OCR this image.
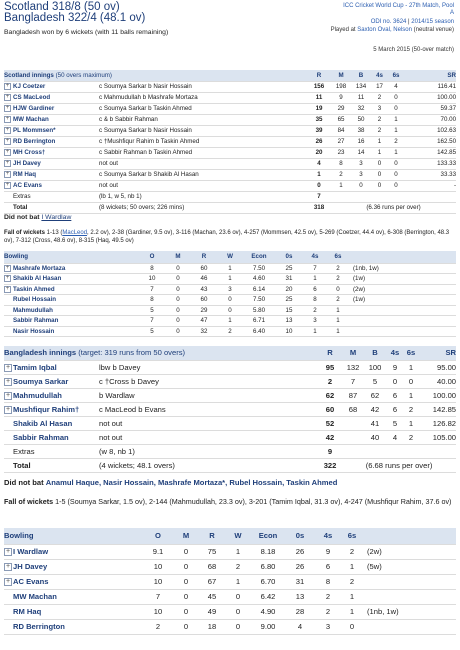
Scotland 318/8 (50 ov)
Bangladesh 322/4 (48.1 ov)
Bangladesh won by 6 wickets (with 11 balls remaining)
ICC Cricket World Cup - 27th Match, Pool
A
ODI no. 3624 | 2014/15 season
Played at Saxton Oval, Nelson (neutral venue)
5 March 2015 (50-over match)
Scotland innings (50 overs maximum)			R	M	B	4s	6s	SR
+	KJ Coetzer	c Soumya Sarkar b Nasir Hossain	156	198	134	17	4	116.41
+	CS MacLeod	c Mahmudullah b Mashrafe Mortaza	11	9	11	2	0	100.00
+	HJW Gardiner	c Soumya Sarkar b Taskin Ahmed	19	29	32	3	0	59.37
+	MW Machan	c & b Sabbir Rahman	35	65	50	2	1	70.00
+	PL Mommsen*	c Soumya Sarkar b Nasir Hossain	39	84	38	2	1	102.63
+	RD Berrington	c †Mushfiqur Rahim b Taskin Ahmed	26	27	16	1	2	162.50
+	MH Cross†	c Sabbir Rahman b Taskin Ahmed	20	23	14	1	1	142.85
+	JH Davey	not out	4	8	3	0	0	133.33
+	RM Haq	c Soumya Sarkar b Shakib Al Hasan	1	2	3	0	0	33.33
+	AC Evans	not out	0	1	0	0	0	-
	Extras	(lb 1, w 5, nb 1)	7					
	Total	(8 wickets; 50 overs; 226 mins)	318	(6.36 runs per over)				
Did not bat I Wardlaw
Fall of wickets 1-13 (MacLeod, 2.2 ov), 2-38 (Gardiner, 9.5 ov), 3-116 (Machan, 23.6 ov), 4-257 (Mommsen, 42.5 ov), 5-269 (Coetzer, 44.4 ov), 6-308 (Berrington, 48.3 ov), 7-312 (Cross, 48.6 ov), 8-315 (Haq, 49.5 ov)
Bowling		O	M	R	W	Econ	0s	4s	6s	
+	Mashrafe Mortaza	8	0	60	1	7.50	25	7	2	(1nb, 1w)
+	Shakib Al Hasan	10	0	46	1	4.60	31	1	2	(1w)
+	Taskin Ahmed	7	0	43	3	6.14	20	6	0	(2w)
	Rubel Hossain	8	0	60	0	7.50	25	8	2	(1w)
	Mahmudullah	5	0	29	0	5.80	15	2	1	
	Sabbir Rahman	7	0	47	1	6.71	13	3	1	
	Nasir Hossain	5	0	32	2	6.40	10	1	1	
Bangladesh innings (target: 319 runs from 50 overs)			R	M	B	4s	6s	SR
+	Tamim Iqbal	lbw b Davey	95	132	100	9	1	95.00
+	Soumya Sarkar	c †Cross b Davey	2	7	5	0	0	40.00
+	Mahmudullah	b Wardlaw	62	87	62	6	1	100.00
+	Mushfiqur Rahim†	c MacLeod b Evans	60	68	42	6	2	142.85
	Shakib Al Hasan	not out	52		41	5	1	126.82
	Sabbir Rahman	not out	42		40	4	2	105.00
	Extras	(w 8, nb 1)	9					
	Total	(4 wickets; 48.1 overs)	322	(6.68 runs per over)				
Did not bat Anamul Haque, Nasir Hossain, Mashrafe Mortaza*, Rubel Hossain, Taskin Ahmed
Fall of wickets 1-5 (Soumya Sarkar, 1.5 ov), 2-144 (Mahmudullah, 23.3 ov), 3-201 (Tamim Iqbal, 31.3 ov), 4-247 (Mushfiqur Rahim, 37.6 ov)
Bowling		O	M	R	W	Econ	0s	4s	6s	
+	I Wardlaw	9.1	0	75	1	8.18	26	9	2	(2w)
+	JH Davey	10	0	68	2	6.80	26	6	1	(5w)
+	AC Evans	10	0	67	1	6.70	31	8	2	
	MW Machan	7	0	45	0	6.42	13	2	1	
	RM Haq	10	0	49	0	4.90	28	2	1	(1nb, 1w)
	RD Berrington	2	0	18	0	9.00	4	3	0	
